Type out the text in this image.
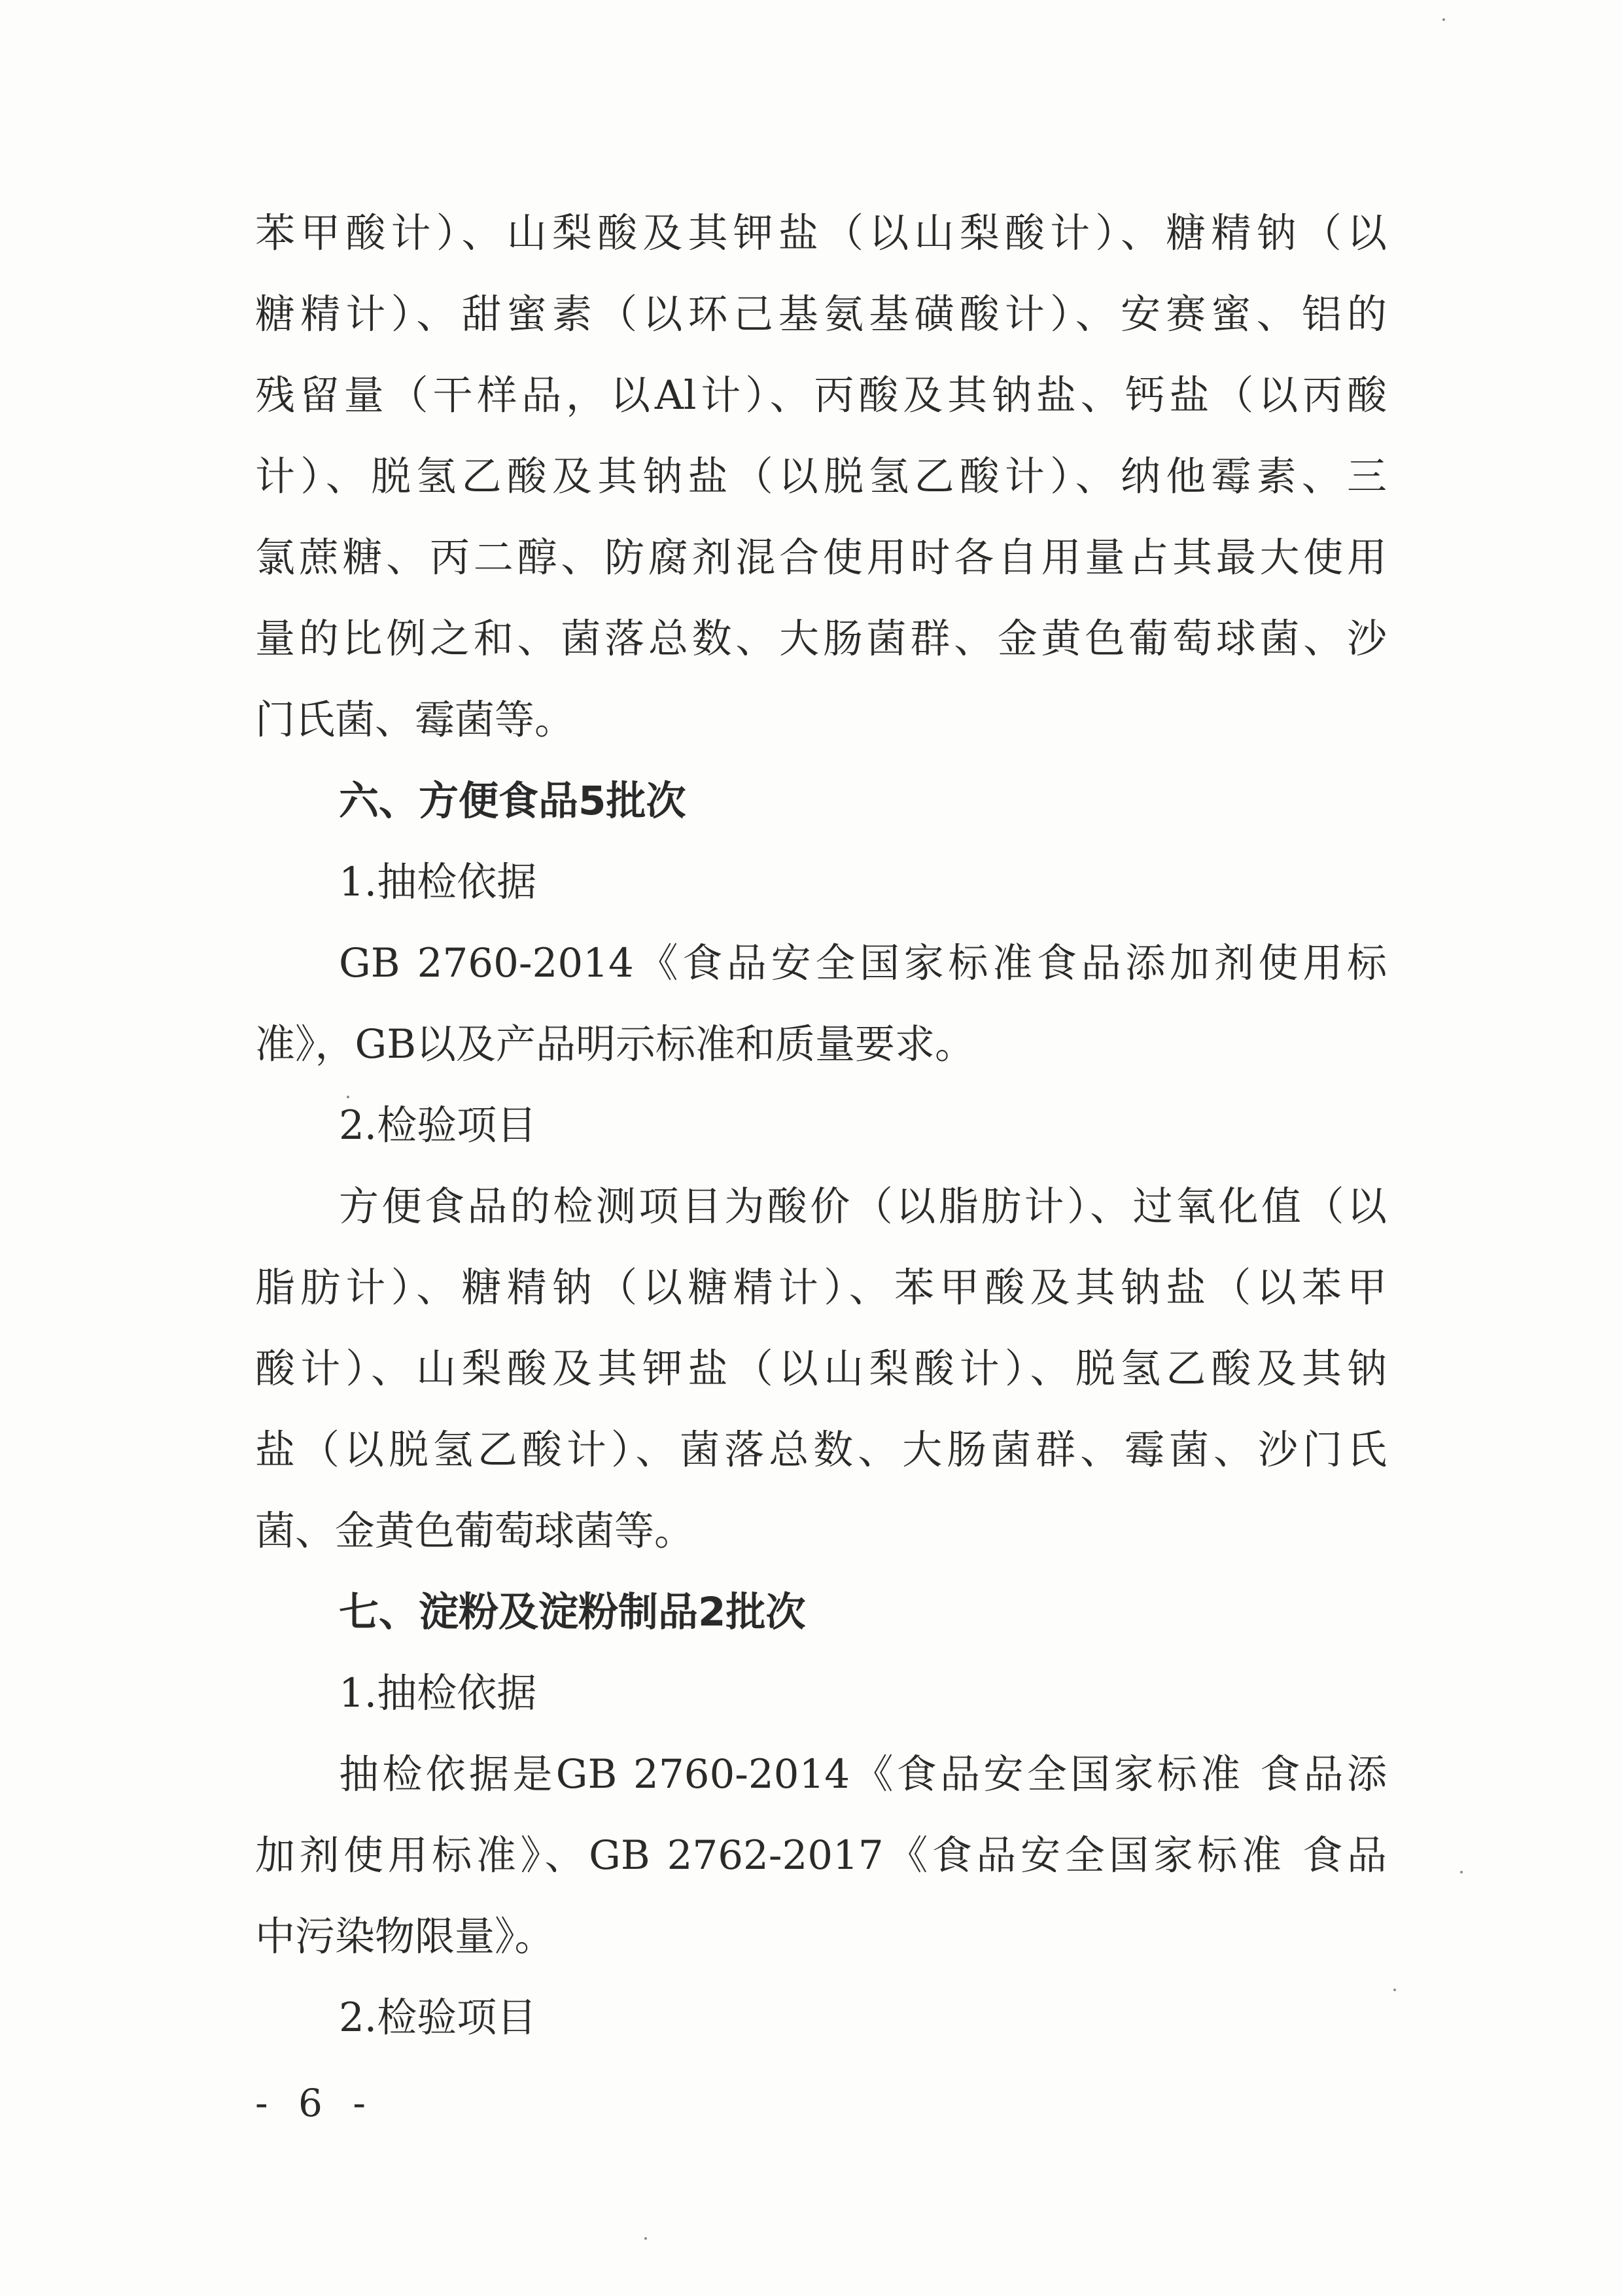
苯甲酸计）、山梨酸及其钾盐（以山梨酸计）、糖精钠（以
糖精计）、甜蜜素（以环己基氨基磺酸计）、安赛蜜、铝的
残留量（干样品，以Al计）、丙酸及其钠盐、钙盐（以丙酸
计）、脱氢乙酸及其钠盐（以脱氢乙酸计）、纳他霉素、三
氯蔗糖、丙二醇、防腐剂混合使用时各自用量占其最大使用
量的比例之和、菌落总数、大肠菌群、金黄色葡萄球菌、沙
门氏菌、霉菌等。
六、方便食品5批次
1.抽检依据
GB 2760-2014《食品安全国家标准食品添加剂使用标
准》，GB以及产品明示标准和质量要求。
2.检验项目
方便食品的检测项目为酸价（以脂肪计）、过氧化值（以
脂肪计）、糖精钠（以糖精计）、苯甲酸及其钠盐（以苯甲
酸计）、山梨酸及其钾盐（以山梨酸计）、脱氢乙酸及其钠
盐（以脱氢乙酸计）、菌落总数、大肠菌群、霉菌、沙门氏
菌、金黄色葡萄球菌等。
七、淀粉及淀粉制品2批次
1.抽检依据
抽检依据是GB 2760-2014《食品安全国家标准 食品添
加剂使用标准》、GB 2762-2017《食品安全国家标准 食品
中污染物限量》。
2.检验项目
- 6 -
